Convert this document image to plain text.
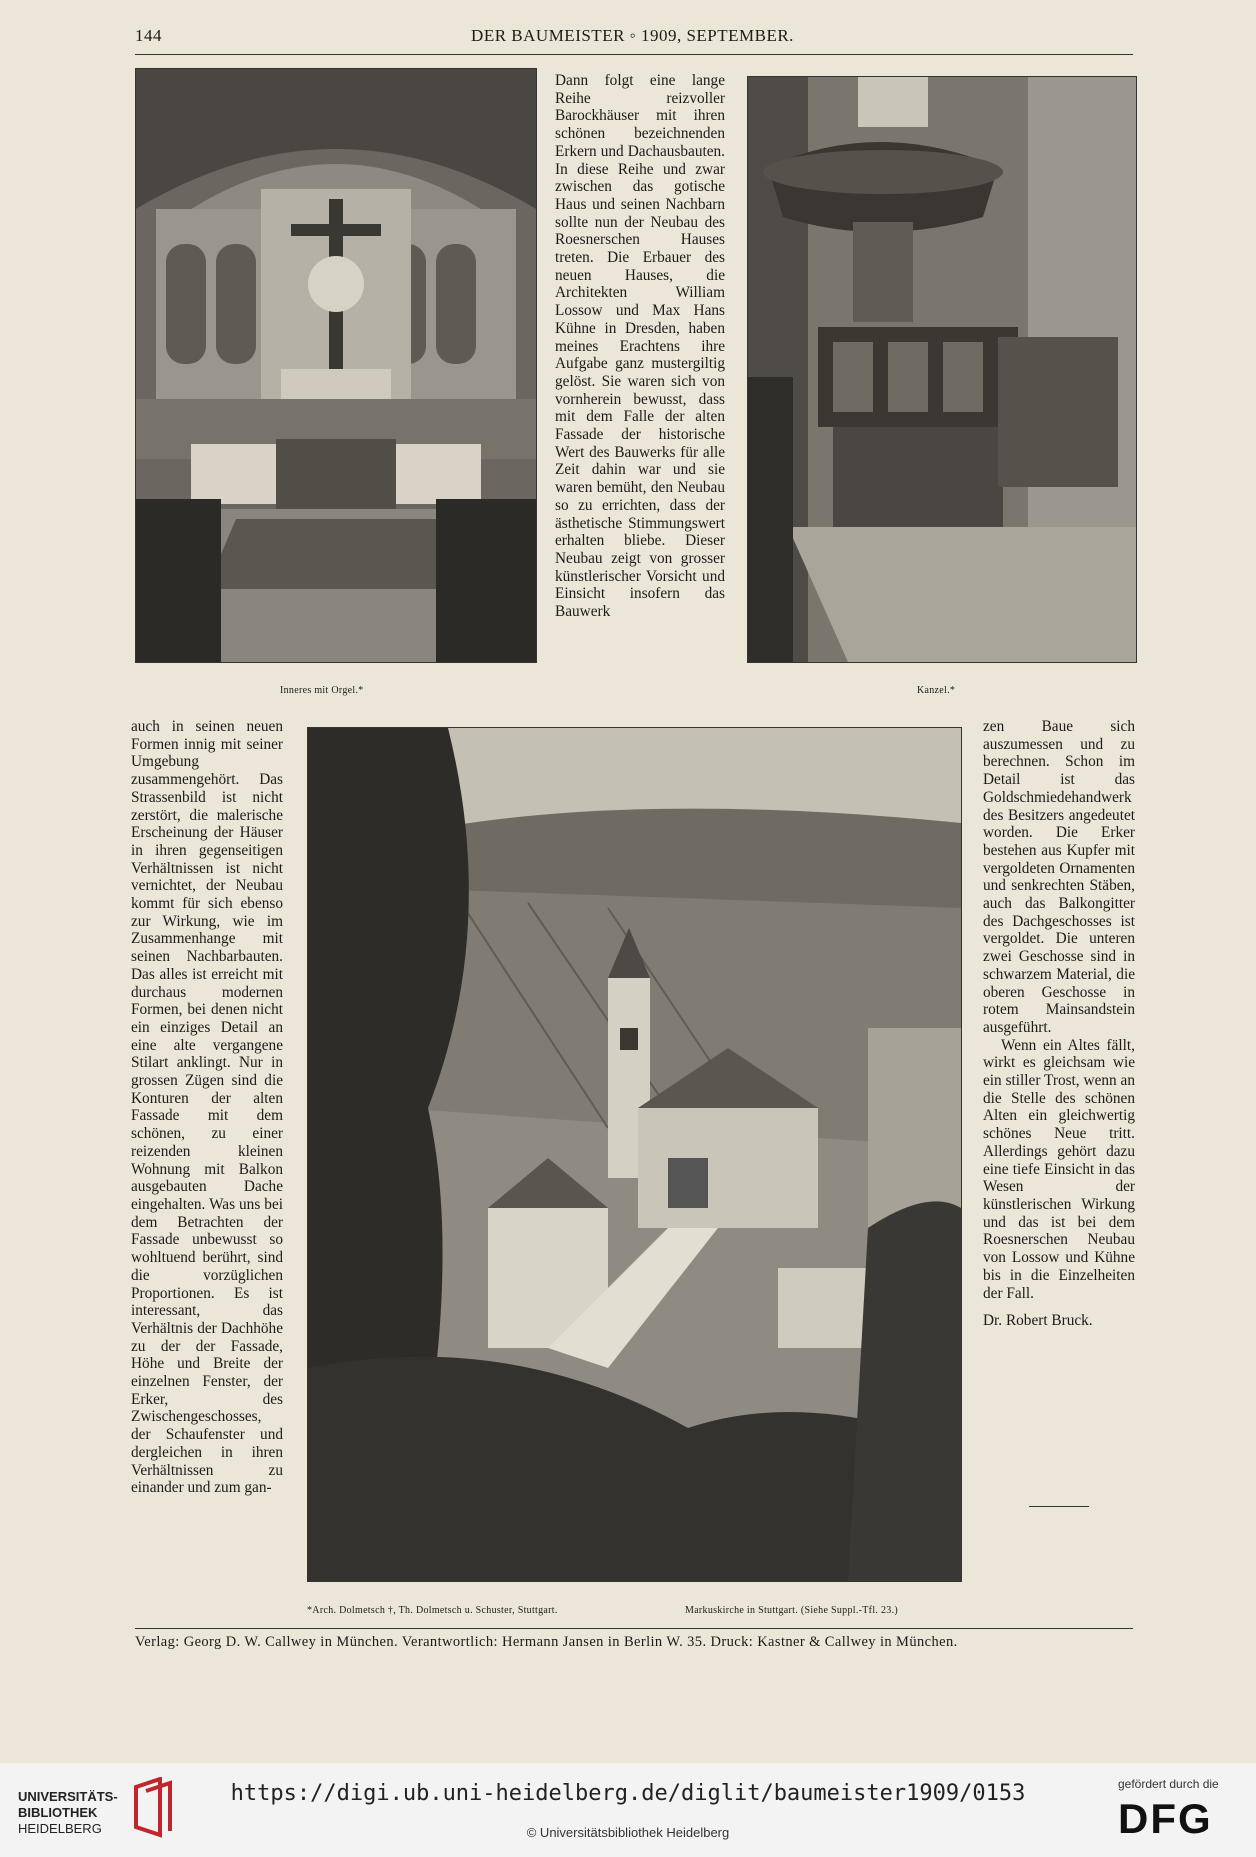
144	DER BAUMEISTER ◦ 1909, SEPTEMBER.
Inneres mit Orgel.*

Dann folgt eine lange Reihe reizvoller Barockhäuser mit ihren schönen bezeichnenden Erkern und Dachausbauten. In diese Reihe und zwar zwischen das gotische Haus und seinen Nachbarn sollte nun der Neubau des Roesnerschen Hauses treten. Die Erbauer des neuen Hauses, die Architekten William Lossow und Max Hans Kühne in Dresden, haben meines Erachtens ihre Aufgabe ganz mustergiltig gelöst. Sie waren sich von vornherein bewusst, dass mit dem Falle der alten Fassade der historische Wert des Bauwerks für alle Zeit dahin war und sie waren bemüht, den Neubau so zu errichten, dass der ästhetische Stimmungswert erhalten bliebe. Dieser Neubau zeigt von grosser künstlerischer Vorsicht und Einsicht insofern das Bauwerk

Kanzel.*

auch in seinen neuen Formen innig mit seiner Umgebung zusammengehört. Das Strassenbild ist nicht zerstört, die malerische Erscheinung der Häuser in ihren gegenseitigen Verhältnissen ist nicht vernichtet, der Neubau kommt für sich ebenso zur Wirkung, wie im Zusammenhange mit seinen Nachbarbauten. Das alles ist erreicht mit durchaus modernen Formen, bei denen nicht ein einziges Detail an eine alte vergangene Stilart anklingt. Nur in grossen Zügen sind die Konturen der alten Fassade mit dem schönen, zu einer reizenden kleinen Wohnung mit Balkon ausgebauten Dache eingehalten. Was uns bei dem Betrachten der Fassade unbewusst so wohltuend berührt, sind die vorzüglichen Proportionen. Es ist interessant, das Verhältnis der Dachhöhe zu der der Fassade, Höhe und Breite der einzelnen Fenster, der Erker, des Zwischengeschosses, der Schaufenster und dergleichen in ihren Verhältnissen zu einander und zum gan-

*Arch. Dolmetsch †, Th. Dolmetsch u. Schuster, Stuttgart.	Markuskirche in Stuttgart. (Siehe Suppl.-Tfl. 23.)

zen Baue sich auszumessen und zu berechnen. Schon im Detail ist das Goldschmiedehandwerk des Besitzers angedeutet worden. Die Erker bestehen aus Kupfer mit vergoldeten Ornamenten und senkrechten Stäben, auch das Balkongitter des Dachgeschosses ist vergoldet. Die unteren zwei Geschosse sind in schwarzem Material, die oberen Geschosse in rotem Mainsandstein ausgeführt.

Wenn ein Altes fällt, wirkt es gleichsam wie ein stiller Trost, wenn an die Stelle des schönen Alten ein gleichwertig schönes Neue tritt. Allerdings gehört dazu eine tiefe Einsicht in das Wesen der künstlerischen Wirkung und das ist bei dem Roesnerschen Neubau von Lossow und Kühne bis in die Einzelheiten der Fall.

Dr. Robert Bruck.

Verlag: Georg D. W. Callwey in München. Verantwortlich: Hermann Jansen in Berlin W. 35. Druck: Kastner & Callwey in München.
UNIVERSITÄTS-
BIBLIOTHEK
HEIDELBERG
https://digi.ub.uni-heidelberg.de/diglit/baumeister1909/0153
© Universitätsbibliothek Heidelberg
gefördert durch die
DFG
